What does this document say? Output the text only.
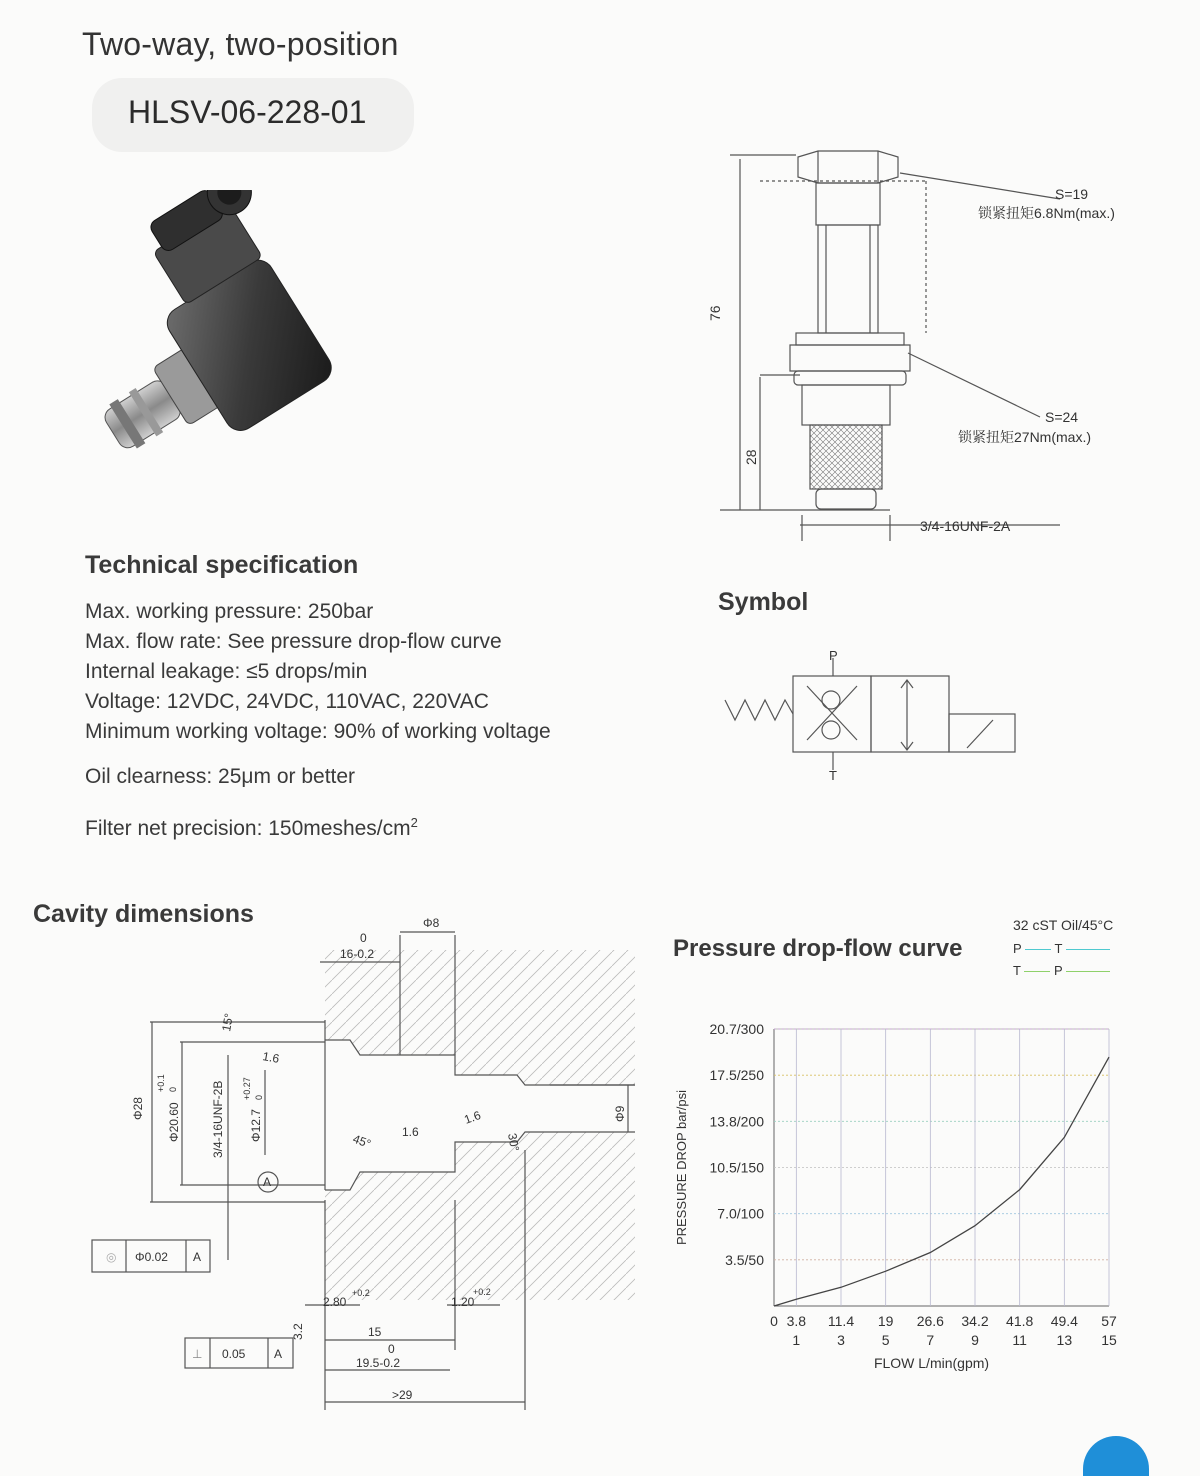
Two-way, two-position
HLSV-06-228-01
S=19
锁紧扭矩6.8Nm(max.)
S=24
锁紧扭矩27Nm(max.)
76
28
3/4-16UNF-2A
Technical specification
Max. working pressure: 250bar
Max. flow rate: See pressure drop-flow curve
Internal leakage: ≤5 drops/min
Voltage: 12VDC, 24VDC, 110VAC, 220VAC
Minimum working voltage: 90% of working voltage
Oil clearness: 25μm or better
Filter net precision: $150meshes/cm^2$
Symbol
P
T
Cavity dimensions	Φ8
0
16-0.2
15°
1.6
Φ28
+0.1 0
Φ20.60	3/4-16UNF-2B +0.27 0
Φ12.7	45° 1.6
1.6
30°
Φ9
A
◎ Φ0.02 A
2.80
+0.2
1.20
+0.2
3.2	15
⊥ 0.05 A	0
19.5-0.2
>29
Pressure drop-flow curve
32 cST Oil/45°C
P	T
T	P
20.7/300
17.5/250
13.8/200
10.5/150
7.0/100
3.5/50
0 3.8 11.4 19 26.6 34.2 41.8 49.4 57
1	3	5	7	9 11 13 15
FLOW L/min(gpm)
PRESSURE DROP bar/psi
